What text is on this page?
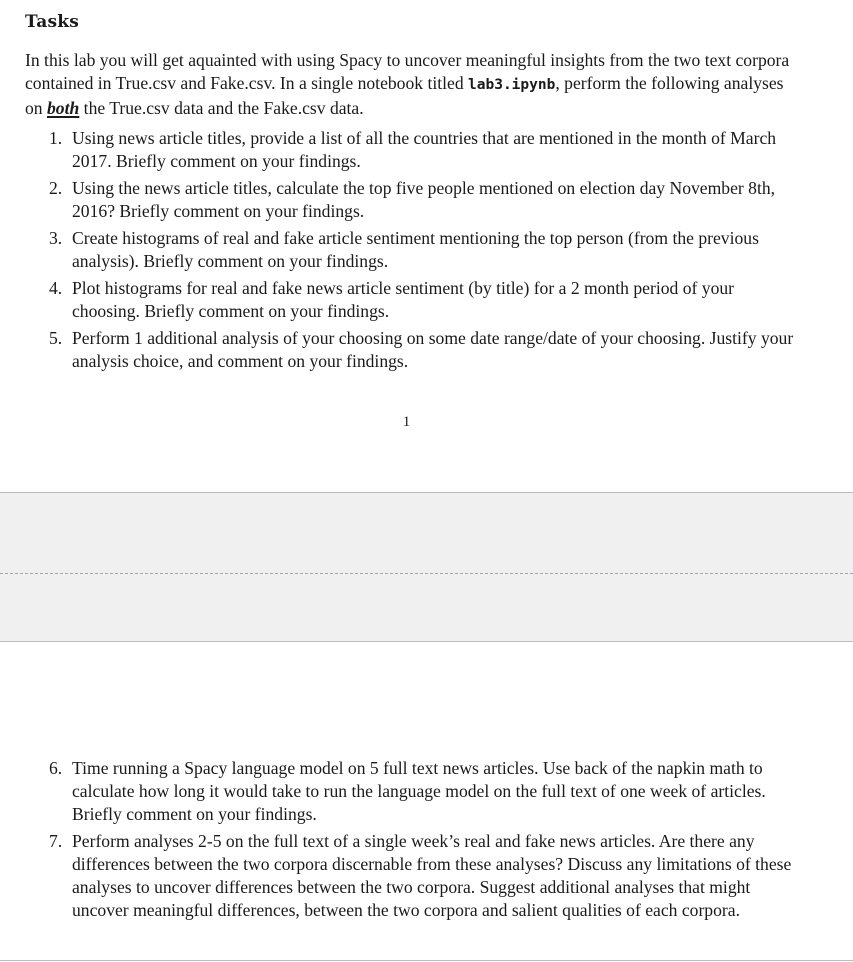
Tasks

In this lab you will get aquainted with using Spacy to uncover meaningful insights from the two text corpora contained in True.csv and Fake.csv. In a single notebook titled lab3.ipynb, perform the following analyses on both the True.csv data and the Fake.csv data.

1. Using news article titles, provide a list of all the countries that are mentioned in the month of March 2017. Briefly comment on your findings.
2. Using the news article titles, calculate the top five people mentioned on election day November 8th, 2016? Briefly comment on your findings.
3. Create histograms of real and fake article sentiment mentioning the top person (from the previous analysis). Briefly comment on your findings.
4. Plot histograms for real and fake news article sentiment (by title) for a 2 month period of your choosing. Briefly comment on your findings.
5. Perform 1 additional analysis of your choosing on some date range/date of your choosing. Justify your analysis choice, and comment on your findings.
1
6. Time running a Spacy language model on 5 full text news articles. Use back of the napkin math to calculate how long it would take to run the language model on the full text of one week of articles. Briefly comment on your findings.
7. Perform analyses 2-5 on the full text of a single week’s real and fake news articles. Are there any differences between the two corpora discernable from these analyses? Discuss any limitations of these analyses to uncover differences between the two corpora. Suggest additional analyses that might uncover meaningful differences, between the two corpora and salient qualities of each corpora.
